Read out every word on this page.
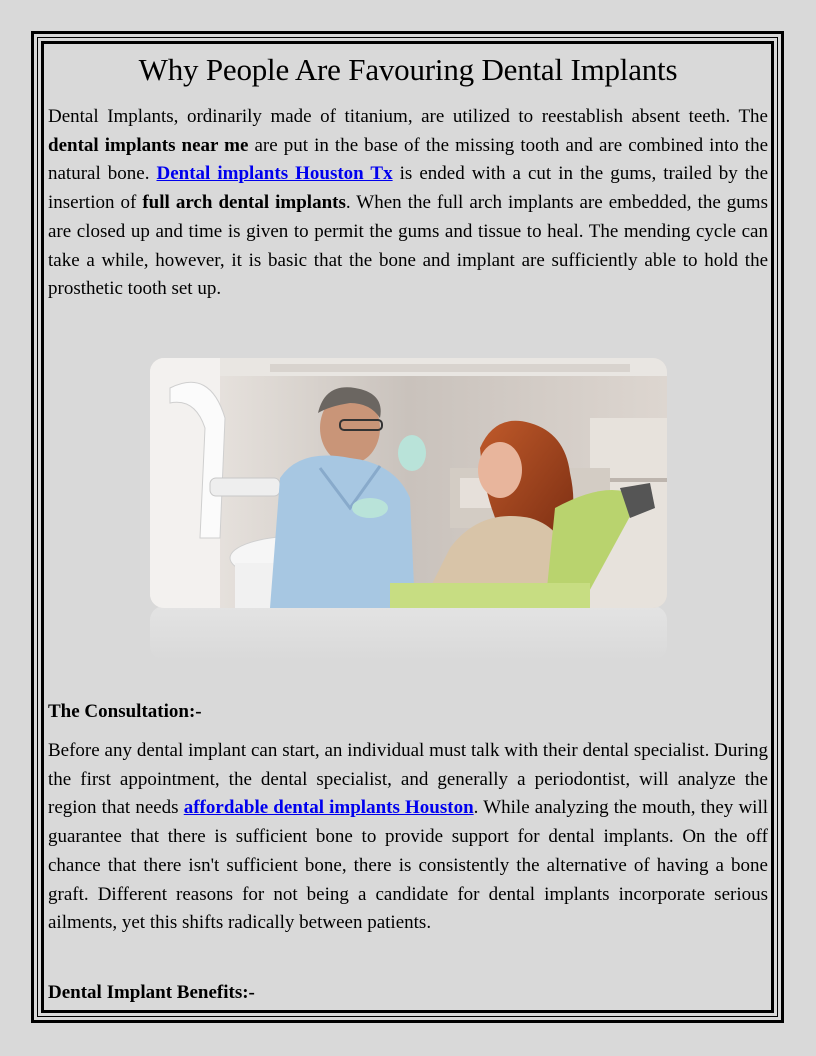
Why People Are Favouring Dental Implants

Dental Implants, ordinarily made of titanium, are utilized to reestablish absent teeth. The dental implants near me are put in the base of the missing tooth and are combined into the natural bone. Dental implants Houston Tx is ended with a cut in the gums, trailed by the insertion of full arch dental implants. When the full arch implants are embedded, the gums are closed up and time is given to permit the gums and tissue to heal. The mending cycle can take a while, however, it is basic that the bone and implant are sufficiently able to hold the prosthetic tooth set up.

The Consultation:-

Before any dental implant can start, an individual must talk with their dental specialist. During the first appointment, the dental specialist, and generally a periodontist, will analyze the region that needs affordable dental implants Houston. While analyzing the mouth, they will guarantee that there is sufficient bone to provide support for dental implants. On the off chance that there isn't sufficient bone, there is consistently the alternative of having a bone graft. Different reasons for not being a candidate for dental implants incorporate serious ailments, yet this shifts radically between patients.

Dental Implant Benefits:-
